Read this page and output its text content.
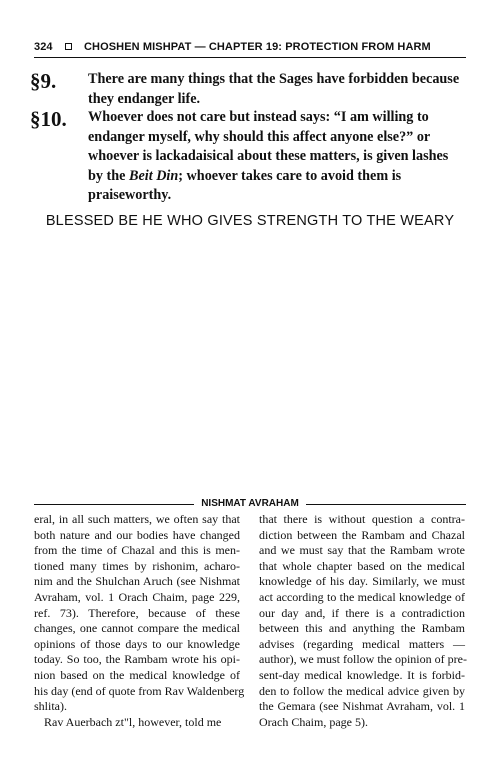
324	CHOSHEN MISHPAT — CHAPTER 19: PROTECTION FROM HARM
§9. There are many things that the Sages have forbidden because they endanger life.
§10. Whoever does not care but instead says: “I am willing to endanger myself, why should this affect anyone else?” or whoever is lackadaisical about these matters, is given lashes by the Beit Din; whoever takes care to avoid them is praiseworthy.
BLESSED BE HE WHO GIVES STRENGTH TO THE WEARY
NISHMAT AVRAHAM
eral, in all such matters, we often say that
both nature and our bodies have changed
from the time of Chazal and this is men-
tioned many times by rishonim, acharo-
nim and the Shulchan Aruch (see Nishmat
Avraham, vol. 1 Orach Chaim, page 229,
ref. 73). Therefore, because of these
changes, one cannot compare the medical
opinions of those days to our knowledge
today. So too, the Rambam wrote his opi-
nion based on the medical knowledge of
his day (end of quote from Rav Waldenberg
shlita).
Rav Auerbach zt"l, however, told me
that there is without question a contra-
diction between the Rambam and Chazal
and we must say that the Rambam wrote
that whole chapter based on the medical
knowledge of his day. Similarly, we must
act according to the medical knowledge of
our day and, if there is a contradiction
between this and anything the Rambam
advises (regarding medical matters —
author), we must follow the opinion of pre-
sent-day medical knowledge. It is forbid-
den to follow the medical advice given by
the Gemara (see Nishmat Avraham, vol. 1
Orach Chaim, page 5).
